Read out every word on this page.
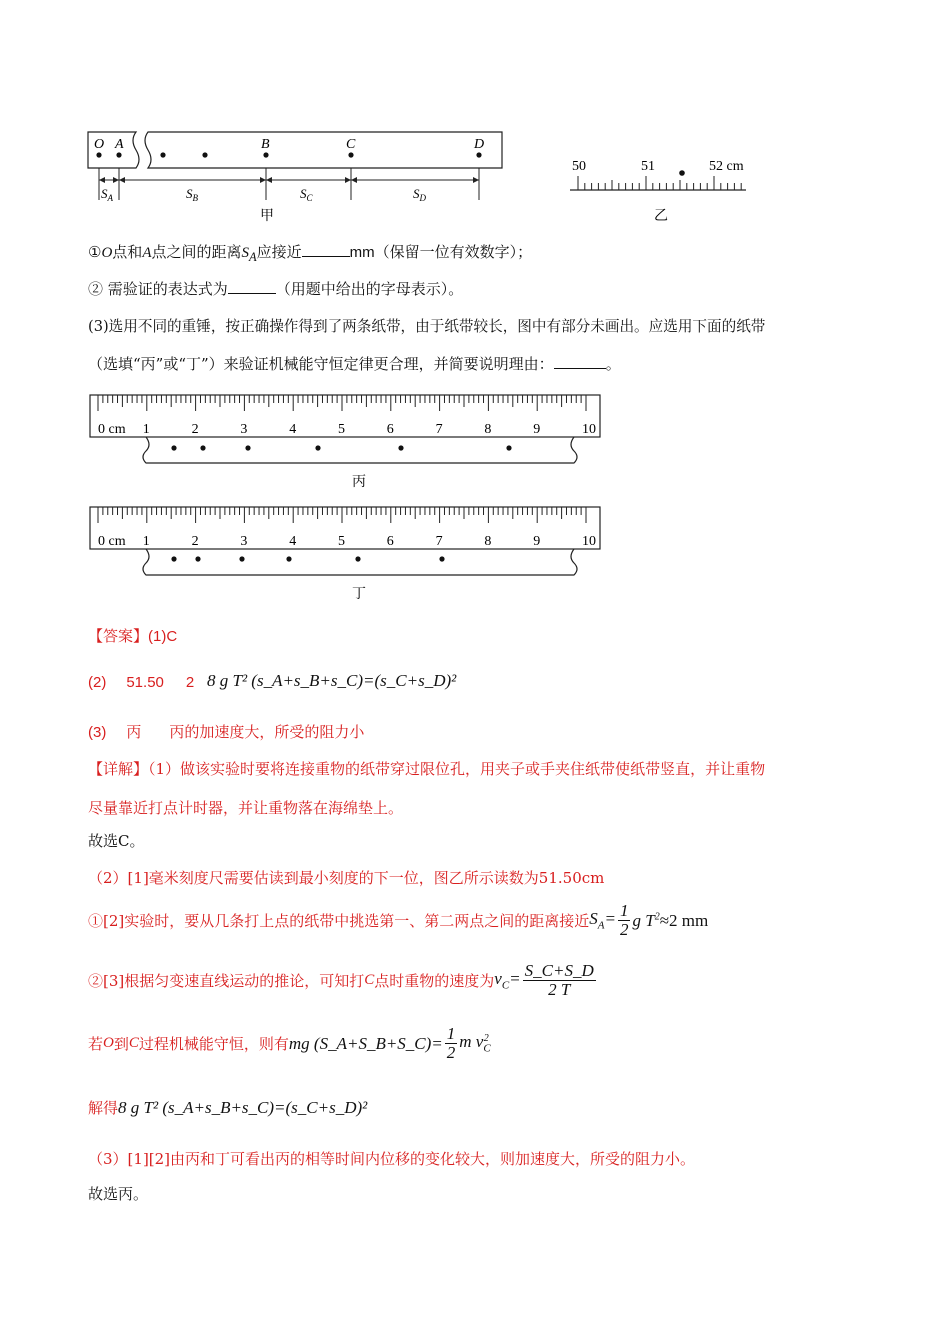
O A	B	C	D
$S_A$	$S_B$	$S_C$	$S_D$
甲
50	51	52 cm
乙
①O点和A点之间的距离$S_A$应接近	mm（保留一位有效数字）；
② 需验证的表达式为	（用题中给出的字母表示）。
(3)选用不同的重锤，按正确操作得到了两条纸带，由于纸带较长，图中有部分未画出。应选用下面的纸带
（选填“丙”或“丁”）来验证机械能守恒定律更合理，并简要说明理由：	。
0 cm 1	2	3	4	5	6	7	8	9	10
丙
0 cm 1	2	3	4	5	6	7	8	9	10
丁
【答案】(1)C
(2) 51.50 2 8 g T² (s_A+s_B+s_C)=(s_C+s_D)²
(3) 丙 丙的加速度大，所受的阻力小
【详解】（1）做该实验时要将连接重物的纸带穿过限位孔，用夹子或手夹住纸带使纸带竖直，并让重物
尽量靠近打点计时器，并让重物落在海绵垫上。
故选C。
（2）[1]毫米刻度尺需要估读到最小刻度的下一位，图乙所示读数为51.50cm
①[2]实验时，要从几条打上点的纸带中挑选第一、第二两点之间的距离接近 $S_A= \frac{1}{2}$ g $T^2\approx 2$ mm
②[3]根据匀变速直线运动的推论，可知打 C 点时重物的速度为 $v_C= \frac{S\_C+S\_D}{2 T}$
若 O 到 C 过程机械能守恒，则有 mg (S_A+S_B+S_C)= $\frac{1}{2}$ m $v_C^2$
解得8 g T² (s_A+s_B+s_C)=(s_C+s_D)²
（3）[1][2]由丙和丁可看出丙的相等时间内位移的变化较大，则加速度大，所受的阻力小。
故选丙。
